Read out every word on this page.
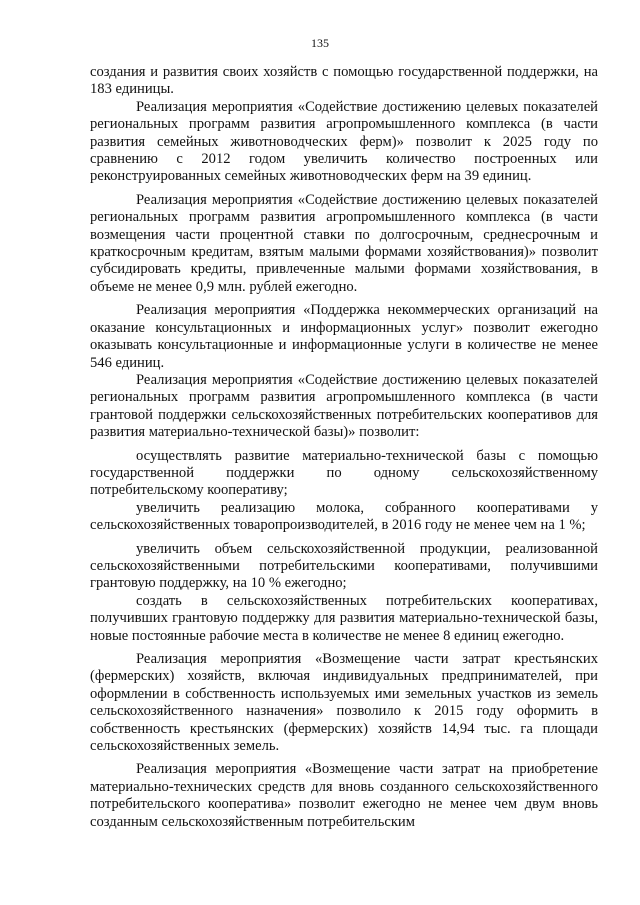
135

создания и развития своих хозяйств с помощью государственной поддержки, на 183 единицы.

Реализация мероприятия «Содействие достижению целевых показателей региональных программ развития агропромышленного комплекса (в части развития семейных животноводческих ферм)» позволит к 2025 году по сравнению с 2012 годом увеличить количество построенных или реконструированных семейных животноводческих ферм на 39 единиц.

Реализация мероприятия «Содействие достижению целевых показателей региональных программ развития агропромышленного комплекса (в части возмещения части процентной ставки по долгосрочным, среднесрочным и краткосрочным кредитам, взятым малыми формами хозяйствования)» позволит субсидировать кредиты, привлеченные малыми формами хозяйствования, в объеме не менее 0,9 млн. рублей ежегодно.

Реализация мероприятия «Поддержка некоммерческих организаций на оказание консультационных и информационных услуг» позволит ежегодно оказывать консультационные и информационные услуги в количестве не менее 546 единиц.

Реализация мероприятия «Содействие достижению целевых показателей региональных программ развития агропромышленного комплекса (в части грантовой поддержки сельскохозяйственных потребительских кооперативов для развития материально-технической базы)» позволит:

осуществлять развитие материально-технической базы с помощью государственной поддержки по одному сельскохозяйственному потребительскому кооперативу;

увеличить реализацию молока, собранного кооперативами у сельскохозяйственных товаропроизводителей, в 2016 году не менее чем на 1 %;

увеличить объем сельскохозяйственной продукции, реализованной сельскохозяйственными потребительскими кооперативами, получившими грантовую поддержку, на 10 % ежегодно;

создать в сельскохозяйственных потребительских кооперативах, получивших грантовую поддержку для развития материально-технической базы, новые постоянные рабочие места в количестве не менее 8 единиц ежегодно.

Реализация мероприятия «Возмещение части затрат крестьянских (фермерских) хозяйств, включая индивидуальных предпринимателей, при оформлении в собственность используемых ими земельных участков из земель сельскохозяйственного назначения» позволило к 2015 году оформить в собственность крестьянских (фермерских) хозяйств 14,94 тыс. га площади сельскохозяйственных земель.

Реализация мероприятия «Возмещение части затрат на приобретение материально-технических средств для вновь созданного сельскохозяйственного потребительского кооператива» позволит ежегодно не менее чем двум вновь созданным сельскохозяйственным потребительским
